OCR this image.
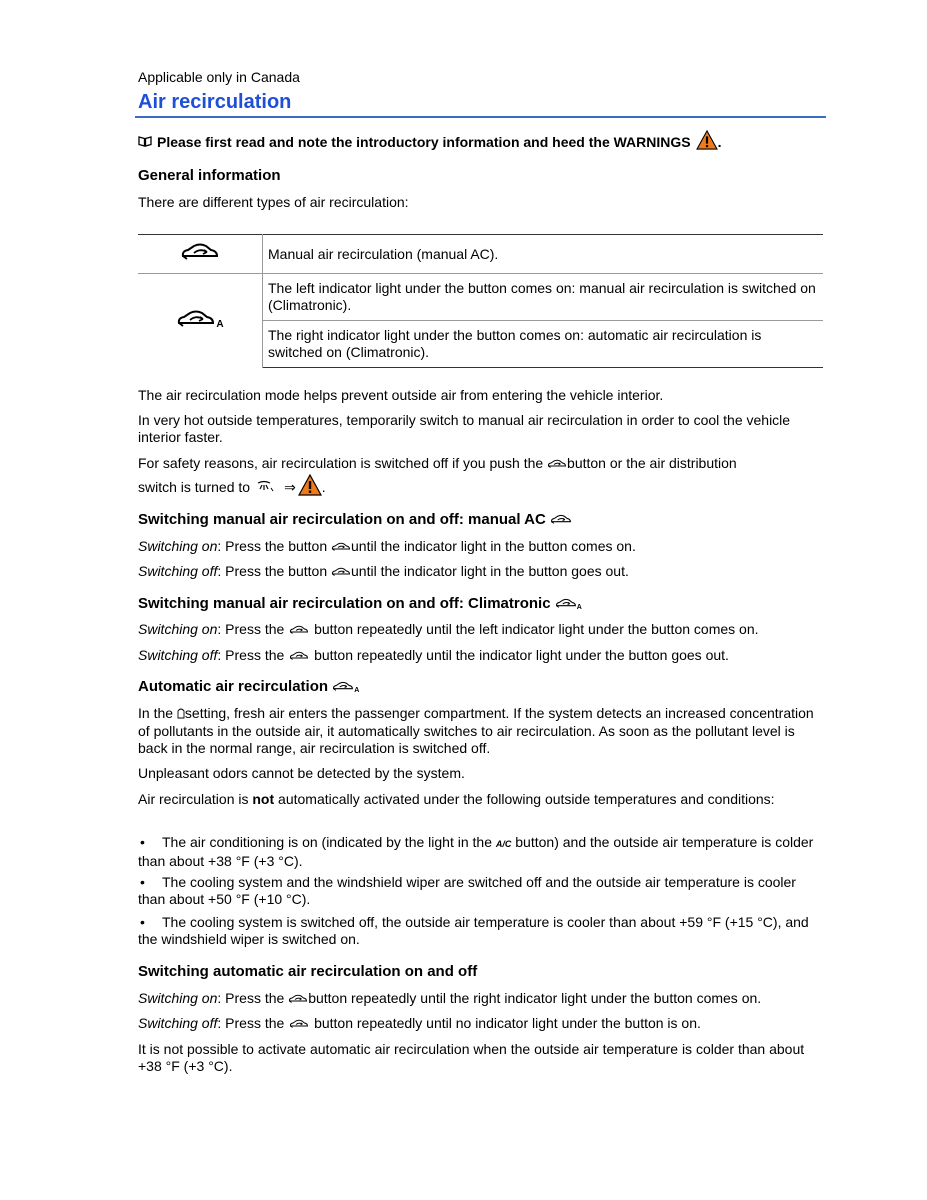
Applicable only in Canada
Air recirculation
Please first read and note the introductory information and heed the WARNINGS .
General information
There are different types of air recirculation:
	Manual air recirculation (manual AC).
A	The left indicator light under the button comes on: manual air recirculation is switched on (Climatronic).
	The right indicator light under the button comes on: automatic air recirculation is switched on (Climatronic).
The air recirculation mode helps prevent outside air from entering the vehicle interior.
In very hot outside temperatures, temporarily switch to manual air recirculation in order to cool the vehicle interior faster.
For safety reasons, air recirculation is switched off if you push the button or the air distribution
switch is turned to ⇒ .
Switching manual air recirculation on and off: manual AC
Switching on: Press the button until the indicator light in the button comes on.
Switching off: Press the button until the indicator light in the button goes out.
Switching manual air recirculation on and off: Climatronic	A
Switching on: Press the button repeatedly until the left indicator light under the button comes on.
Switching off: Press the button repeatedly until the indicator light under the button goes out.
Automatic air recirculation	A
In the setting, fresh air enters the passenger compartment. If the system detects an increased concentration of pollutants in the outside air, it automatically switches to air recirculation. As soon as the pollutant level is back in the normal range, air recirculation is switched off.
Unpleasant odors cannot be detected by the system.
Air recirculation is not automatically activated under the following outside temperatures and conditions:
• The air conditioning is on (indicated by the light in the A/C button) and the outside air temperature is colder than about +38 °F (+3 °C).
• The cooling system and the windshield wiper are switched off and the outside air temperature is cooler than about +50 °F (+10 °C).
• The cooling system is switched off, the outside air temperature is cooler than about +59 °F (+15 °C), and the windshield wiper is switched on.
Switching automatic air recirculation on and off
Switching on: Press the button repeatedly until the right indicator light under the button comes on.
Switching off: Press the button repeatedly until no indicator light under the button is on.
It is not possible to activate automatic air recirculation when the outside air temperature is colder than about +38 °F (+3 °C).
